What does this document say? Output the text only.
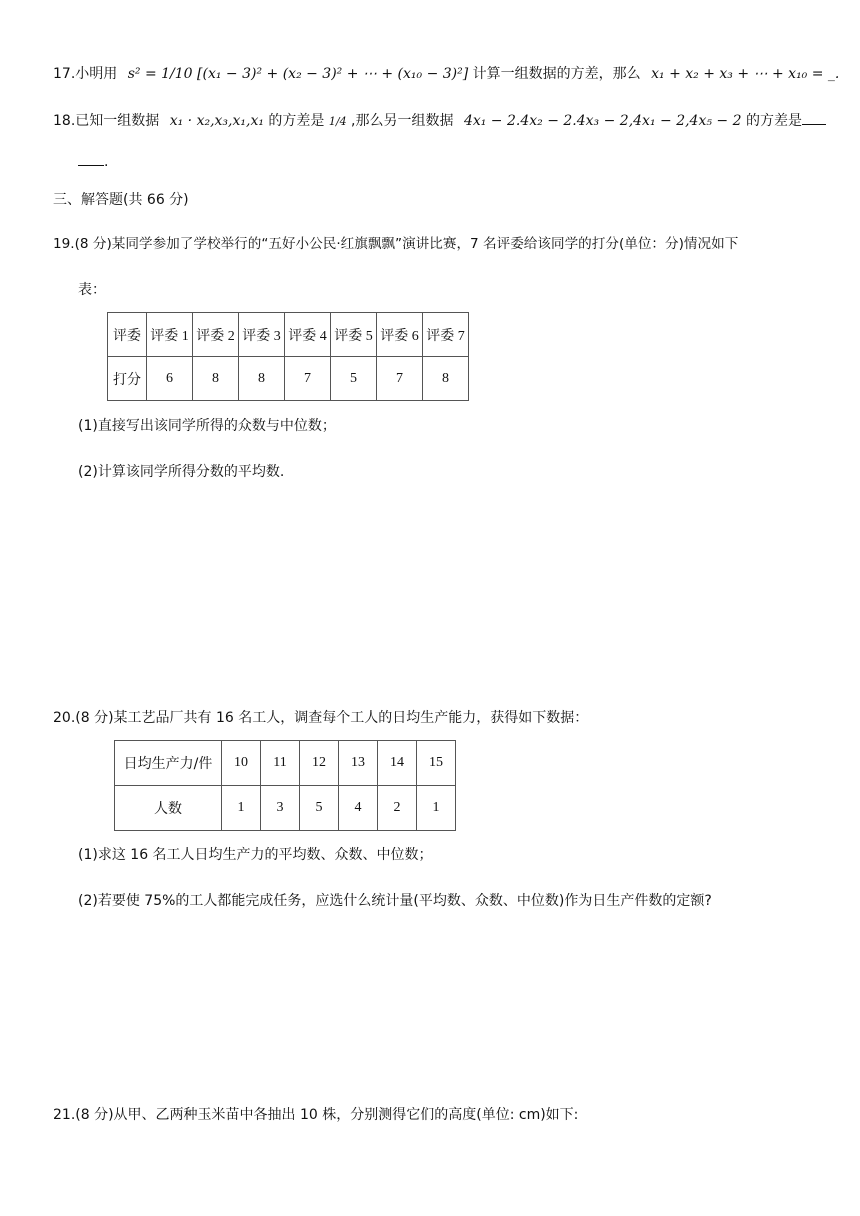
17.小明用 s² = 1/10 [(x₁ − 3)² + (x₂ − 3)² + ⋯ + (x₁₀ − 3)²] 计算一组数据的方差，那么 x₁ + x₂ + x₃ + ⋯ + x₁₀ = _.
18.已知一组数据 x₁ · x₂,x₃,x₁,x₁ 的方差是 1/4 ,那么另一组数据 4x₁ − 2.4x₂ − 2.4x₃ − 2,4x₁ − 2,4x₅ − 2 的方差是
.
三、解答题(共 66 分)
19.(8 分)某同学参加了学校举行的“五好小公民·红旗飘飘”演讲比赛，7 名评委给该同学的打分(单位：分)情况如下
表：
评委	评委 1	评委 2	评委 3	评委 4	评委 5	评委 6	评委 7
打分	6	8	8	7	5	7	8
(1)直接写出该同学所得的众数与中位数；
(2)计算该同学所得分数的平均数.
20.(8 分)某工艺品厂共有 16 名工人，调查每个工人的日均生产能力，获得如下数据：
日均生产力/件	10	11	12	13	14	15
人数	1	3	5	4	2	1
(1)求这 16 名工人日均生产力的平均数、众数、中位数；
(2)若要使 75%的工人都能完成任务，应选什么统计量(平均数、众数、中位数)作为日生产件数的定额?
21.(8 分)从甲、乙两种玉米苗中各抽出 10 株，分别测得它们的高度(单位: cm)如下:
